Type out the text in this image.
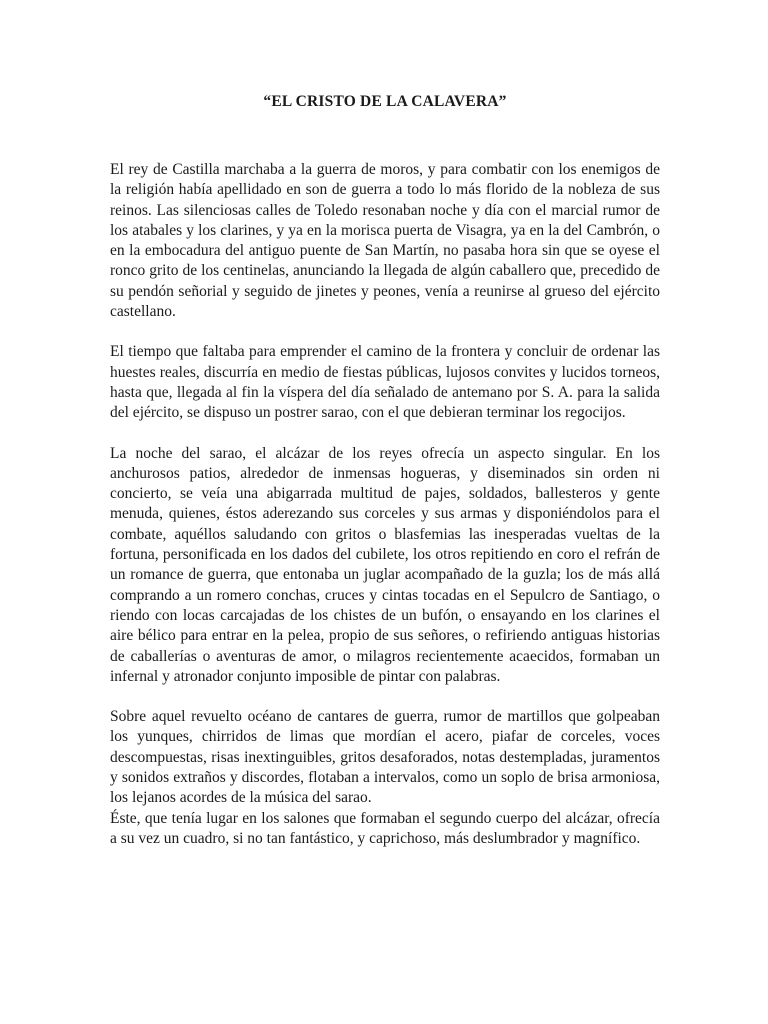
“EL CRISTO DE LA CALAVERA”

El rey de Castilla marchaba a la guerra de moros, y para combatir con los enemigos de la religión había apellidado en son de guerra a todo lo más florido de la nobleza de sus reinos. Las silenciosas calles de Toledo resonaban noche y día con el marcial rumor de los atabales y los clarines, y ya en la morisca puerta de Visagra, ya en la del Cambrón, o en la embocadura del antiguo puente de San Martín, no pasaba hora sin que se oyese el ronco grito de los centinelas, anunciando la llegada de algún caballero que, precedido de su pendón señorial y seguido de jinetes y peones, venía a reunirse al grueso del ejército castellano.

El tiempo que faltaba para emprender el camino de la frontera y concluir de ordenar las huestes reales, discurría en medio de fiestas públicas, lujosos convites y lucidos torneos, hasta que, llegada al fin la víspera del día señalado de antemano por S. A. para la salida del ejército, se dispuso un postrer sarao, con el que debieran terminar los regocijos.

La noche del sarao, el alcázar de los reyes ofrecía un aspecto singular. En los anchurosos patios, alrededor de inmensas hogueras, y diseminados sin orden ni concierto, se veía una abigarrada multitud de pajes, soldados, ballesteros y gente menuda, quienes, éstos aderezando sus corceles y sus armas y disponiéndolos para el combate, aquéllos saludando con gritos o blasfemias las inesperadas vueltas de la fortuna, personificada en los dados del cubilete, los otros repitiendo en coro el refrán de un romance de guerra, que entonaba un juglar acompañado de la guzla; los de más allá comprando a un romero conchas, cruces y cintas tocadas en el Sepulcro de Santiago, o riendo con locas carcajadas de los chistes de un bufón, o ensayando en los clarines el aire bélico para entrar en la pelea, propio de sus señores, o refiriendo antiguas historias de caballerías o aventuras de amor, o milagros recientemente acaecidos, formaban un infernal y atronador conjunto imposible de pintar con palabras.

Sobre aquel revuelto océano de cantares de guerra, rumor de martillos que golpeaban los yunques, chirridos de limas que mordían el acero, piafar de corceles, voces descompuestas, risas inextinguibles, gritos desaforados, notas destempladas, juramentos y sonidos extraños y discordes, flotaban a intervalos, como un soplo de brisa armoniosa, los lejanos acordes de la música del sarao.

Éste, que tenía lugar en los salones que formaban el segundo cuerpo del alcázar, ofrecía a su vez un cuadro, si no tan fantástico, y caprichoso, más deslumbrador y magnífico.
